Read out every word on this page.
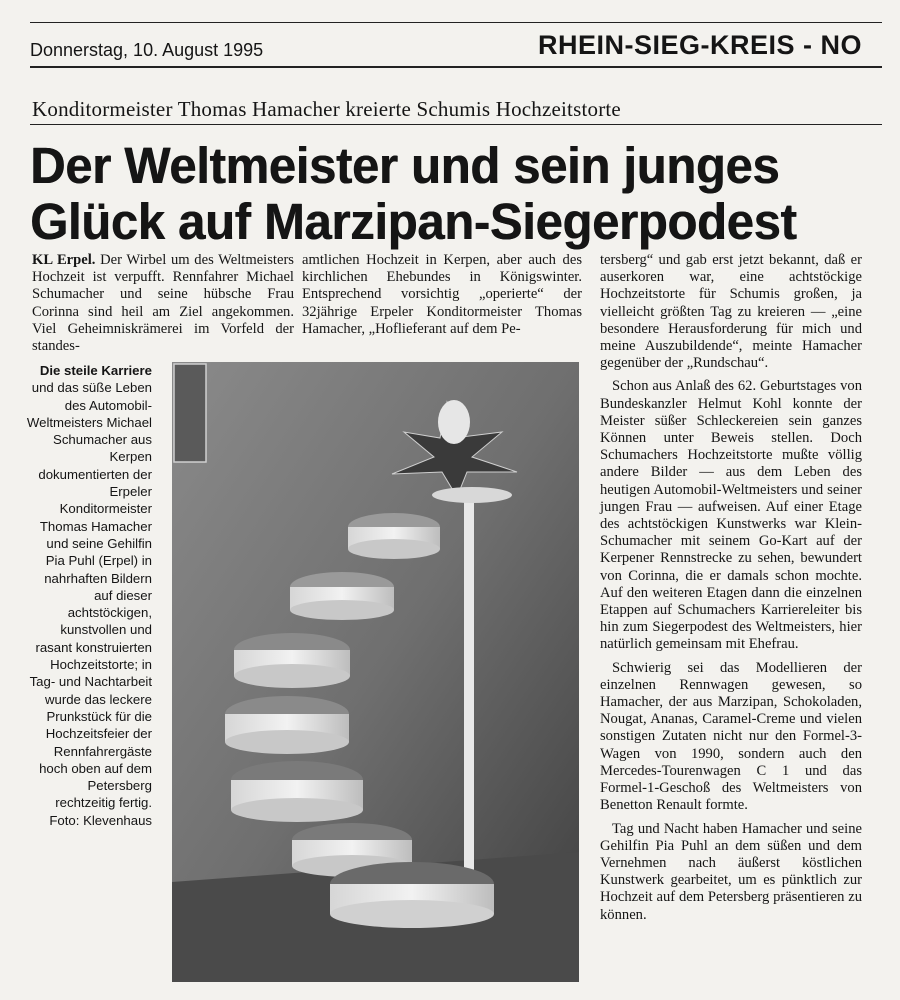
Donnerstag, 10. August 1995	RHEIN-SIEG-KREIS - NO
Konditormeister Thomas Hamacher kreierte Schumis Hochzeitstorte
Der Weltmeister und sein junges
Glück auf Marzipan-Siegerpodest

KL Erpel. Der Wirbel um des Weltmeisters Hochzeit ist verpufft. Rennfahrer Michael Schumacher und seine hübsche Frau Corinna sind heil am Ziel angekommen. Viel Geheimniskrämerei im Vorfeld der standes-

amtlichen Hochzeit in Kerpen, aber auch des kirchlichen Ehebundes in Königswinter. Entsprechend vorsichtig „operierte“ der 32jährige Erpeler Konditormeister Thomas Hamacher, „Hoflieferant auf dem Pe-

tersberg“ und gab erst jetzt bekannt, daß er auserkoren war, eine achtstöckige Hochzeitstorte für Schumis großen, ja vielleicht größten Tag zu kreieren — „eine besondere Herausforderung für mich und meine Auszubildende“, meinte Hamacher gegenüber der „Rundschau“.

Schon aus Anlaß des 62. Geburtstages von Bundeskanzler Helmut Kohl konnte der Meister süßer Schleckereien sein ganzes Können unter Beweis stellen. Doch Schumachers Hochzeitstorte mußte völlig andere Bilder — aus dem Leben des heutigen Automobil-Weltmeisters und seiner jungen Frau — aufweisen. Auf einer Etage des achtstöckigen Kunstwerks war Klein-Schumacher mit seinem Go-Kart auf der Kerpener Rennstrecke zu sehen, bewundert von Corinna, die er damals schon mochte. Auf den weiteren Etagen dann die einzelnen Etappen auf Schumachers Karriereleiter bis hin zum Siegerpodest des Weltmeisters, hier natürlich gemeinsam mit Ehefrau.

Schwierig sei das Modellieren der einzelnen Rennwagen gewesen, so Hamacher, der aus Marzipan, Schokoladen, Nougat, Ananas, Caramel-Creme und vielen sonstigen Zutaten nicht nur den Formel-3-Wagen von 1990, sondern auch den Mercedes-Tourenwagen C 1 und das Formel-1-Geschoß des Weltmeisters von Benetton Renault formte.

Tag und Nacht haben Hamacher und seine Gehilfin Pia Puhl an dem süßen und dem Vernehmen nach äußerst köstlichen Kunstwerk gearbeitet, um es pünktlich zur Hochzeit auf dem Petersberg präsentieren zu können.

Die steile Karriere und das süße Leben des Automobil-Weltmeisters Michael Schumacher aus Kerpen dokumentierten der Erpeler Konditormeister Thomas Hamacher und seine Gehilfin Pia Puhl (Erpel) in nahrhaften Bildern auf dieser achtstöckigen, kunstvollen und rasant konstruierten Hochzeitstorte; in Tag- und Nachtarbeit wurde das leckere Prunkstück für die Hochzeitsfeier der Rennfahrergäste hoch oben auf dem Petersberg rechtzeitig fertig. Foto: Klevenhaus
